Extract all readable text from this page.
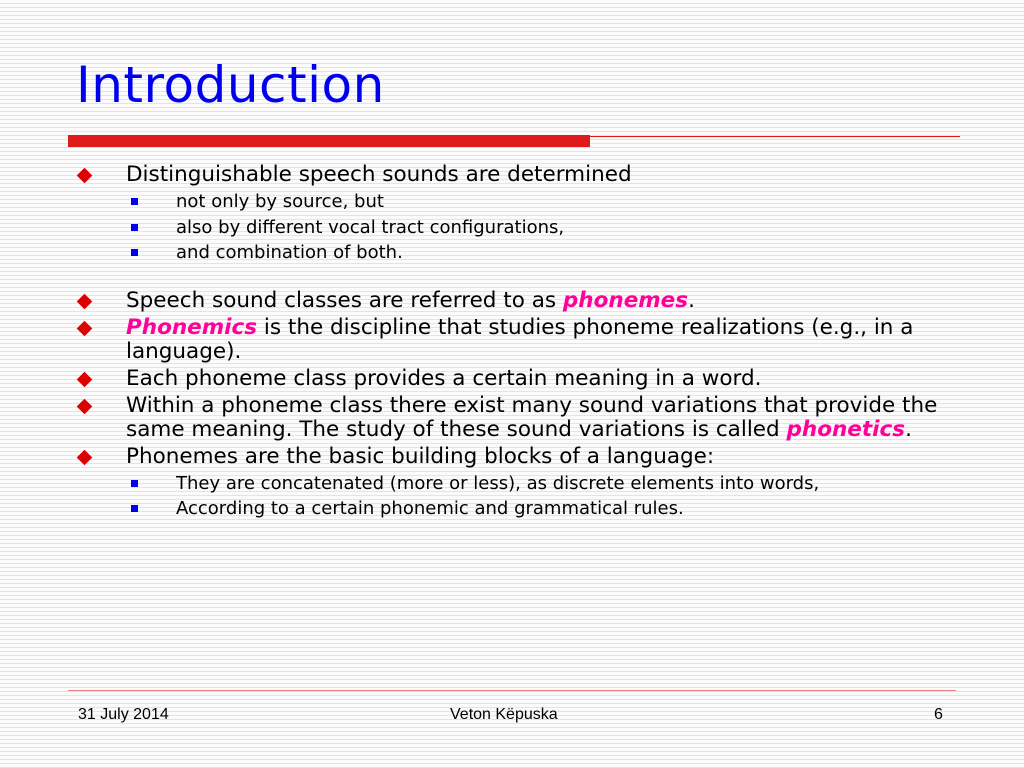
Introduction
Distinguishable speech sounds are determined
not only by source, but
also by different vocal tract configurations,
and combination of both.
Speech sound classes are referred to as phonemes.
Phonemics is the discipline that studies phoneme realizations (e.g., in a language).
Each phoneme class provides a certain meaning in a word.
Within a phoneme class there exist many sound variations that provide the same meaning. The study of these sound variations is called phonetics.
Phonemes are the basic building blocks of a language:
They are concatenated (more or less), as discrete elements into words,
According to a certain phonemic and grammatical rules.
31 July 2014	Veton Këpuska	6
